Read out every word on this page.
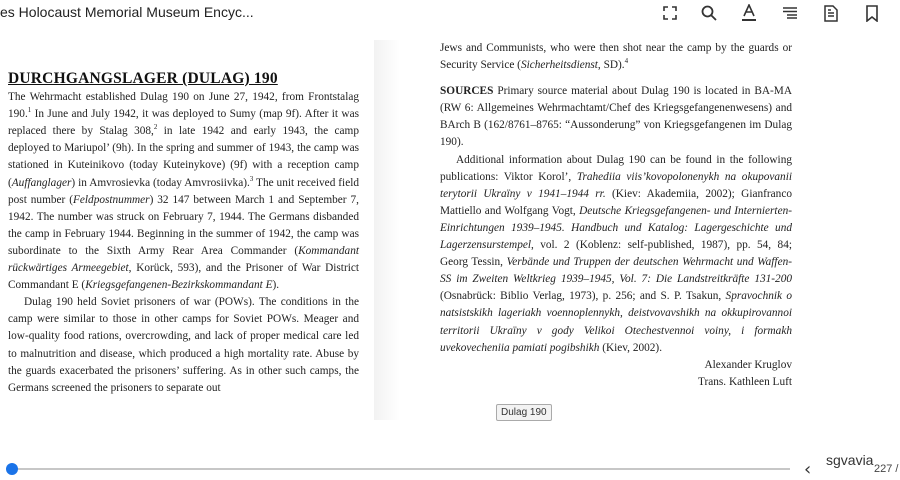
es Holocaust Memorial Museum Encyc...
DURCHGANGSLAGER (DULAG) 190

The Wehrmacht established Dulag 190 on June 27, 1942, from Frontstalag 190.$^1$ In June and July 1942, it was deployed to Sumy (map 9f). After it was replaced there by Stalag 308,$^2$ in late 1942 and early 1943, the camp deployed to Mariupol’ (9h). In the spring and summer of 1943, the camp was stationed in Kuteinikovo (today Kuteinykove) (9f) with a reception camp (Auffanglager) in Amvrosievka (today Amvrosiivka).$^3$ The unit received field post number (Feldpostnummer) 32 147 between March 1 and September 7, 1942. The number was struck on February 7, 1944. The Germans disbanded the camp in February 1944. Beginning in the summer of 1942, the camp was subordinate to the Sixth Army Rear Area Commander (Kommandant rückwärtiges Armeegebiet, Korück, 593), and the Prisoner of War District Commandant E (Kriegsgefangenen-Bezirkskommandant E).

Dulag 190 held Soviet prisoners of war (POWs). The conditions in the camp were similar to those in other camps for Soviet POWs. Meager and low-quality food rations, overcrowding, and lack of proper medical care led to malnutrition and disease, which produced a high mortality rate. Abuse by the guards exacerbated the prisoners’ suffering. As in other such camps, the Germans screened the prisoners to separate out

Jews and Communists, who were then shot near the camp by the guards or Security Service (Sicherheitsdienst, SD).$^4$

SOURCES Primary source material about Dulag 190 is located in BA-MA (RW 6: Allgemeines Wehrmachtamt/Chef des Kriegsgefangenenwesens) and BArch B (162/8761–8765: “Aussonderung” von Kriegsgefangenen im Dulag 190).

Additional information about Dulag 190 can be found in the following publications: Viktor Korol’, Trahediia viis’kovopolonenykh na okupovanii terytorii Ukraïny v 1941–1944 rr. (Kiev: Akademiia, 2002); Gianfranco Mattiello and Wolfgang Vogt, Deutsche Kriegsgefangenen- und Internierten-Einrichtungen 1939–1945. Handbuch und Katalog: Lagergeschichte und Lagerzensurstempel, vol. 2 (Koblenz: self-published, 1987), pp. 54, 84; Georg Tessin, Verbände und Truppen der deutschen Wehrmacht und Waffen-SS im Zweiten Weltkrieg 1939–1945, Vol. 7: Die Landstreitkräfte 131-200 (Osnabrück: Biblio Verlag, 1973), p. 256; and S. P. Tsakun, Spravochnik o natsistskikh lageriakh voennoplennykh, deistvovavshikh na okkupirovannoi territorii Ukraïny v gody Velikoi Otechestvennoi voiny, i formakh uvekovecheniia pamiati pogibshikh (Kiev, 2002).

Alexander Kruglov

Trans. Kathleen Luft

Dulag 190
‹	sgvavia
227 /
